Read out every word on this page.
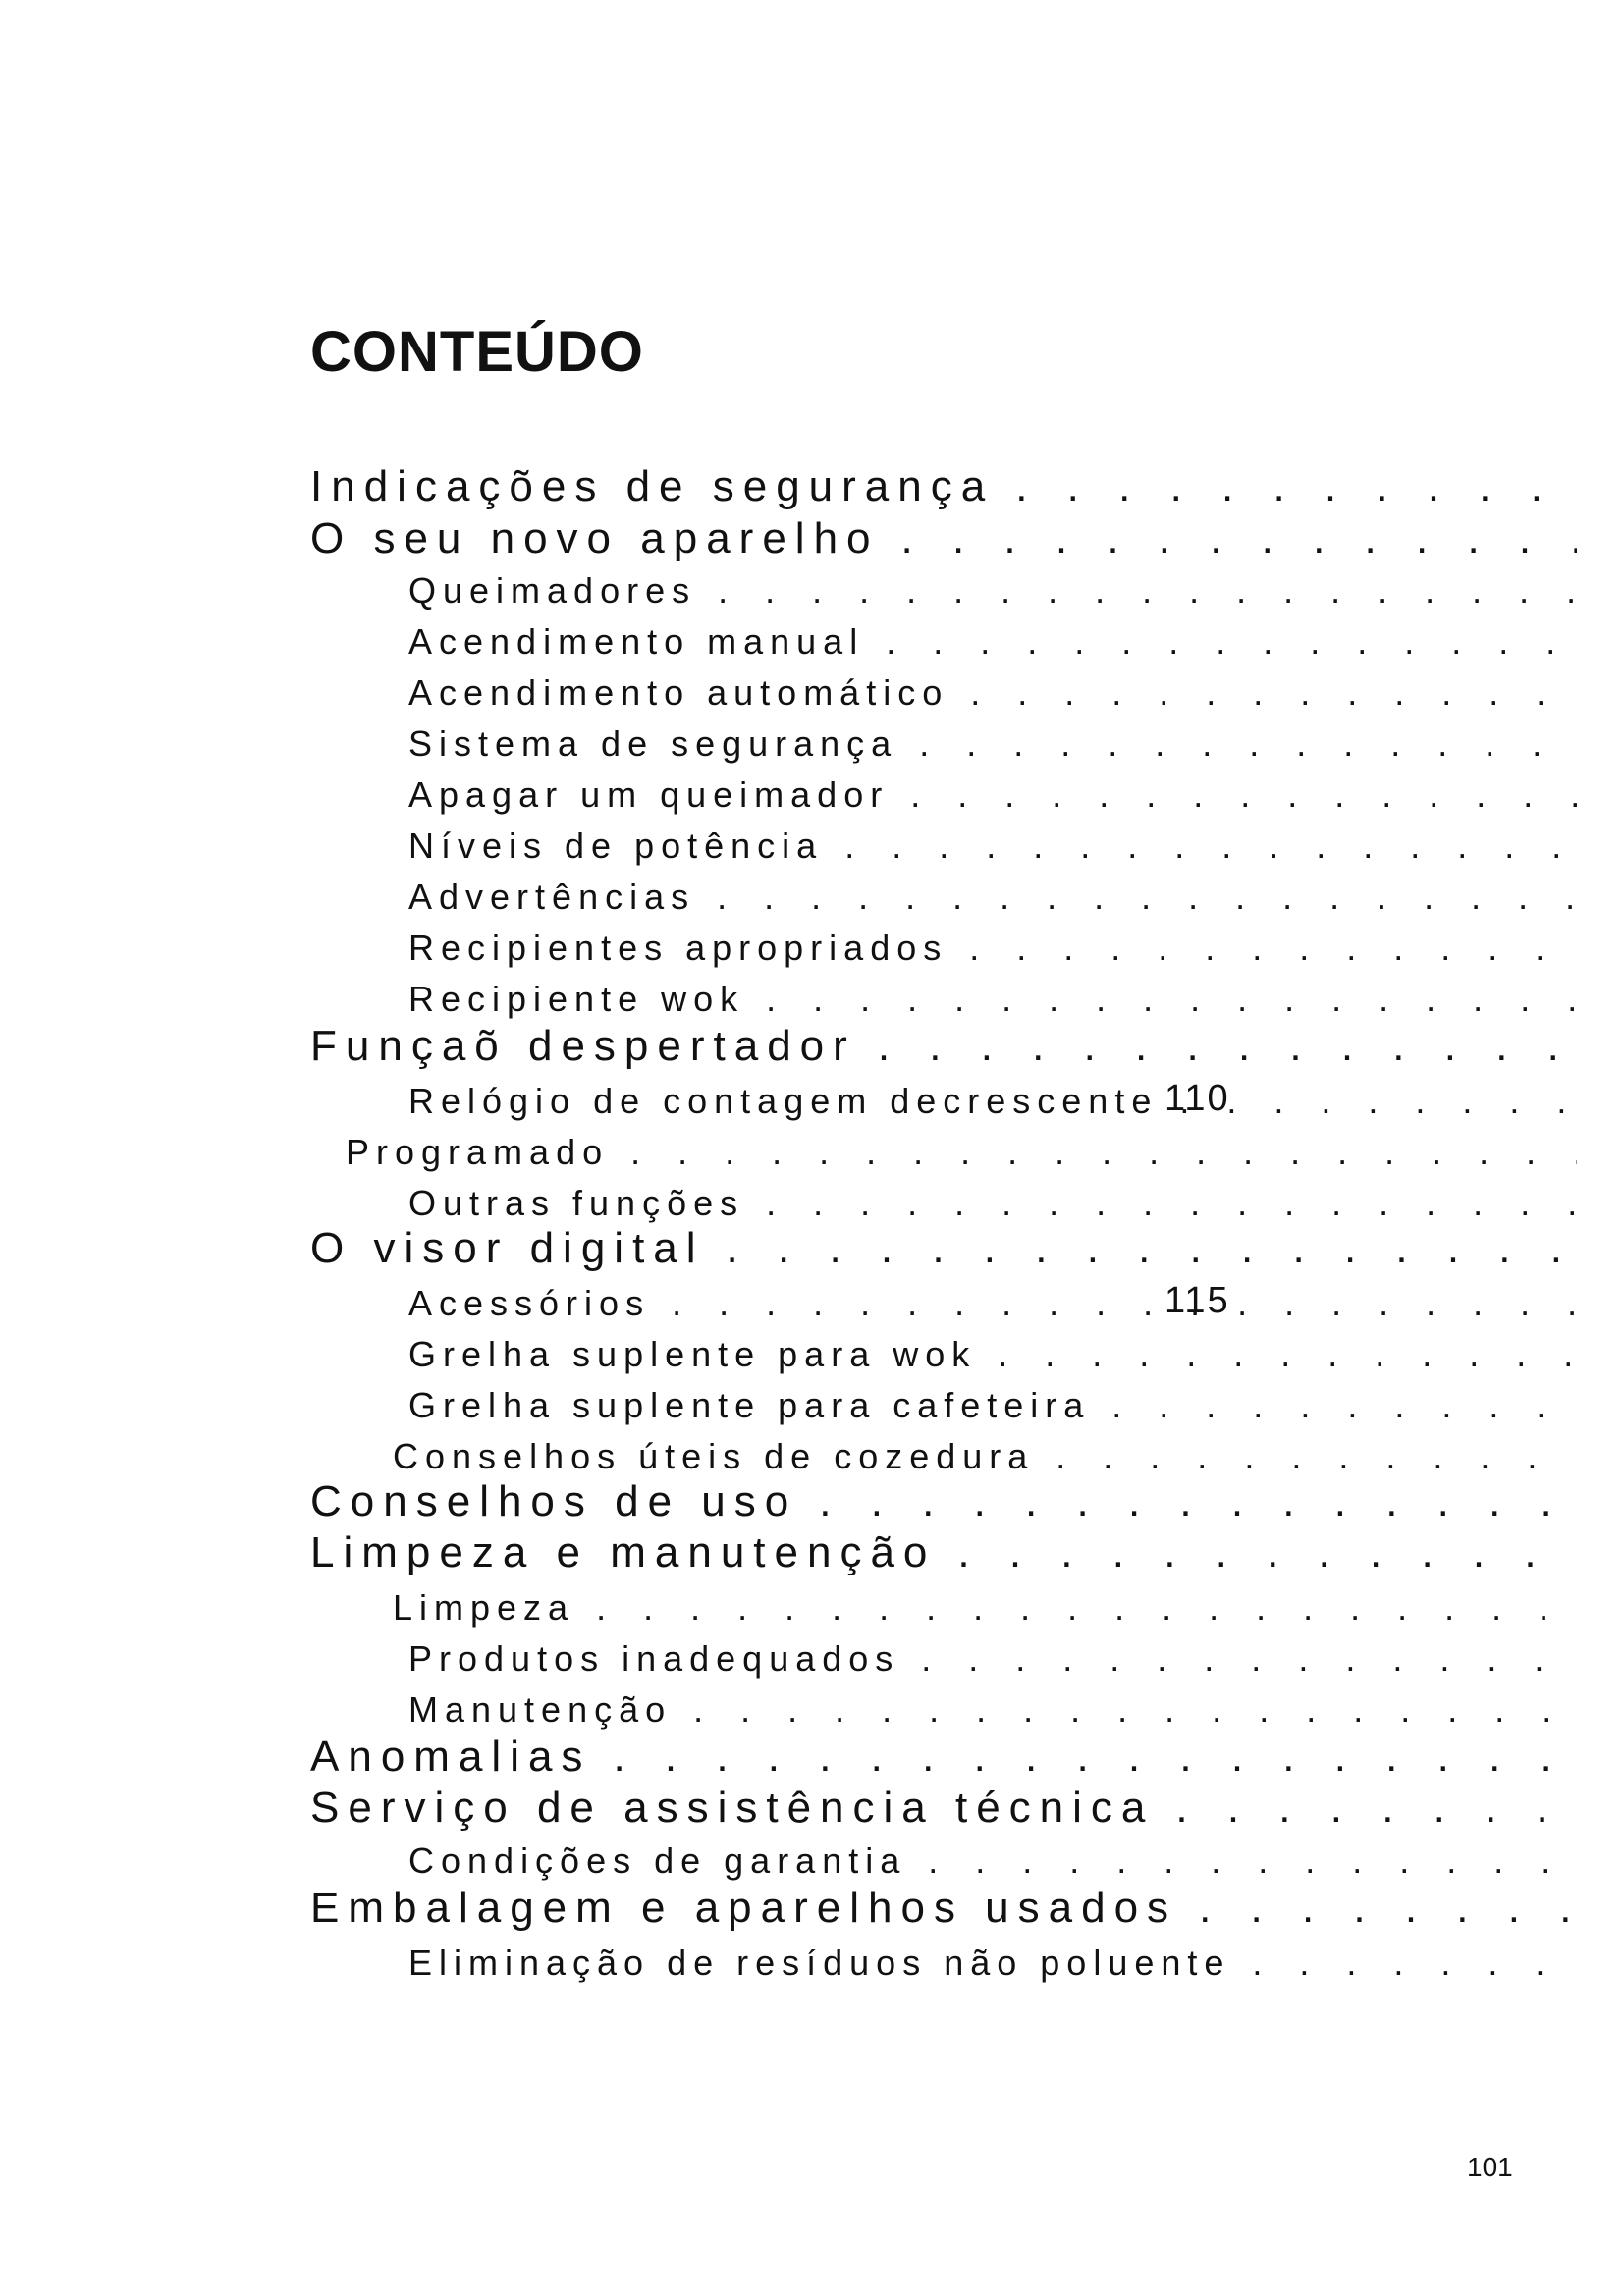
CONTEÚDO
Indicações de segurança
. . .
O seu novo aparelho
. . .
Queimadores
. . .
Acendimento manual
. . .
Acendimento automático
. . .
Sistema de segurança
. . .
Apagar um queimador
. . .
Níveis de potência
. . .
Advertências
. . .
Recipientes apropriados
. . .
Recipiente wok
. . .
Funçaõ despertador
. . .
Relógio de contagem decrescente
. . .
Programado
. . .
Outras funções
. . .
O visor digital
. . .
Acessórios
. . .
Grelha suplente para wok
. . .
Grelha suplente para cafeteira
. . .
Conselhos úteis de cozedura
. . .
Conselhos de uso
. . .
Limpeza e manutenção
. . .
Limpeza
. . .
Produtos inadequados
. . .
Manutenção
. . .
Anomalias
. . .
Serviço de assistência técnica
. . .
Condições de garantia
. . .
Embalagem e aparelhos usados
. . .
Eliminação de resíduos não poluente
. . .
110
115
101
